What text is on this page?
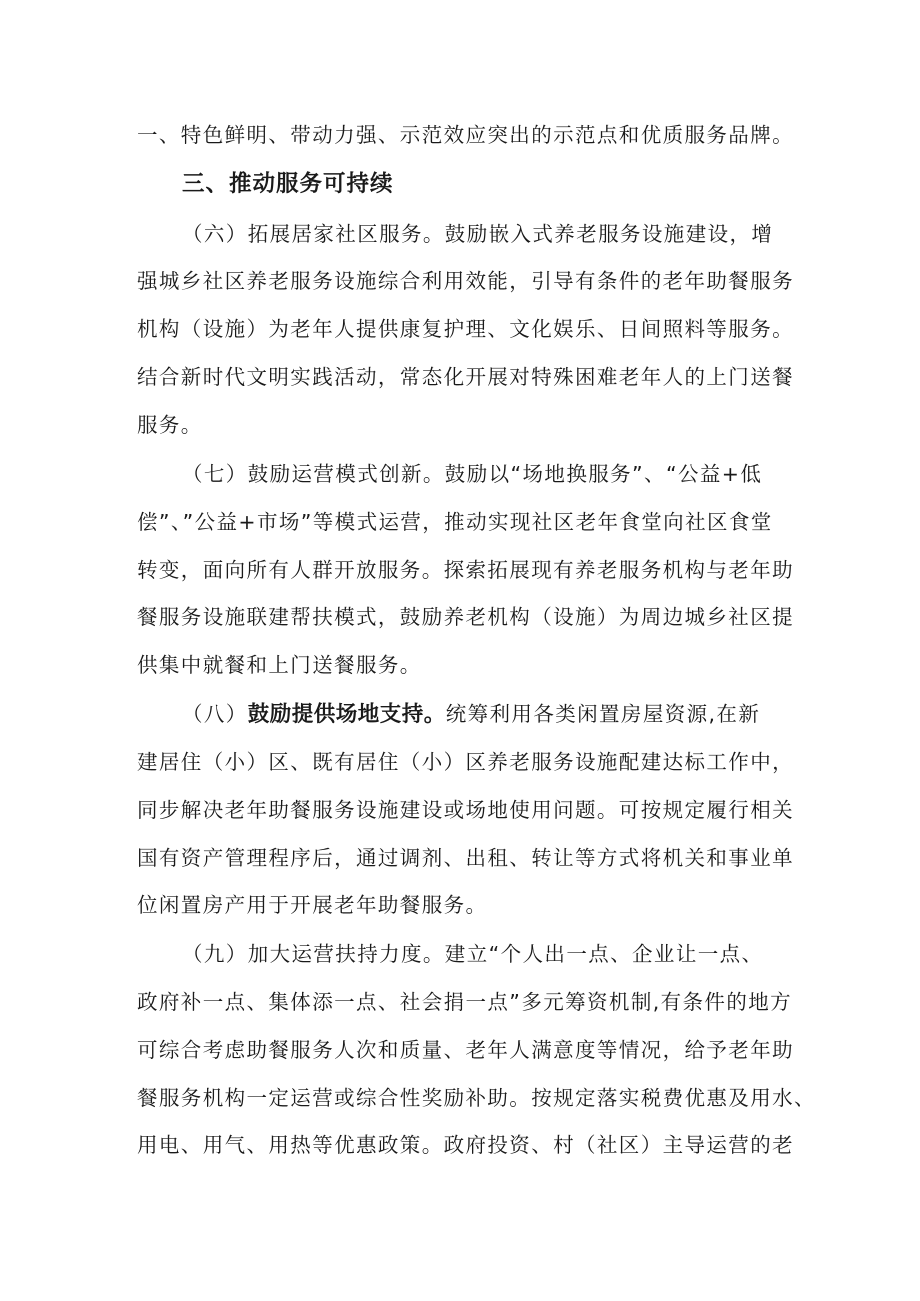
一、特色鲜明、带动力强、示范效应突出的示范点和优质服务品牌。
三、推动服务可持续
（六）拓展居家社区服务。鼓励嵌入式养老服务设施建设，增
强城乡社区养老服务设施综合利用效能，引导有条件的老年助餐服务
机构（设施）为老年人提供康复护理、文化娱乐、日间照料等服务。
结合新时代文明实践活动，常态化开展对特殊困难老年人的上门送餐
服务。
（七）鼓励运营模式创新。鼓励以“场地换服务”、“公益+低
偿”、”公益+市场”等模式运营，推动实现社区老年食堂向社区食堂
转变，面向所有人群开放服务。探索拓展现有养老服务机构与老年助
餐服务设施联建帮扶模式，鼓励养老机构（设施）为周边城乡社区提
供集中就餐和上门送餐服务。
（八）鼓励提供场地支持。统筹利用各类闲置房屋资源,在新
建居住（小）区、既有居住（小）区养老服务设施配建达标工作中，
同步解决老年助餐服务设施建设或场地使用问题。可按规定履行相关
国有资产管理程序后，通过调剂、出租、转让等方式将机关和事业单
位闲置房产用于开展老年助餐服务。
（九）加大运营扶持力度。建立“个人出一点、企业让一点、
政府补一点、集体添一点、社会捐一点”多元筹资机制,有条件的地方
可综合考虑助餐服务人次和质量、老年人满意度等情况，给予老年助
餐服务机构一定运营或综合性奖励补助。按规定落实税费优惠及用水、
用电、用气、用热等优惠政策。政府投资、村（社区）主导运营的老
